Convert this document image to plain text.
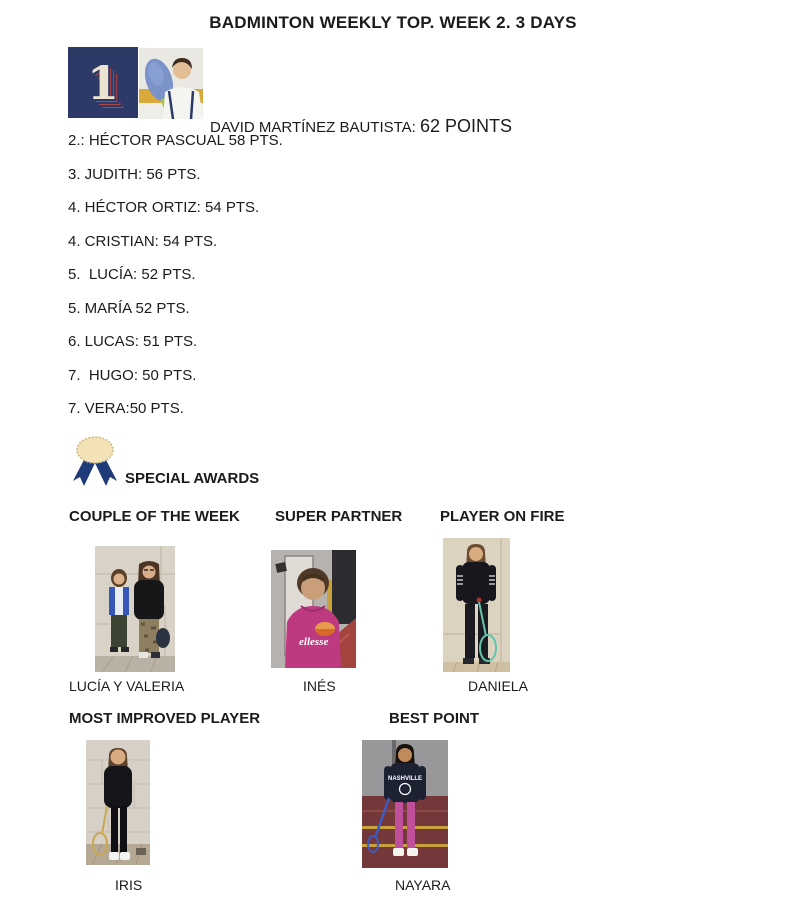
BADMINTON WEEKLY TOP. WEEK 2. 3 DAYS
1

DAVID MARTÍNEZ BAUTISTA: 62 POINTS

2.: HÉCTOR PASCUAL 58 PTS.

3. JUDITH: 56 PTS.

4. HÉCTOR ORTIZ: 54 PTS.

4. CRISTIAN: 54 PTS.

5.  LUCÍA: 52 PTS.

5. MARÍA 52 PTS.

6. LUCAS: 51 PTS.

7.  HUGO: 50 PTS.

7. VERA:50 PTS.

SPECIAL AWARDS
COUPLE OF THE WEEK SUPER PARTNER	PLAYER ON FIRE
ellesse
LUCÍA Y VALERIA	INÉS	DANIELA
MOST IMPROVED PLAYER	BEST POINT
NASHVILLE
IRIS	NAYARA
